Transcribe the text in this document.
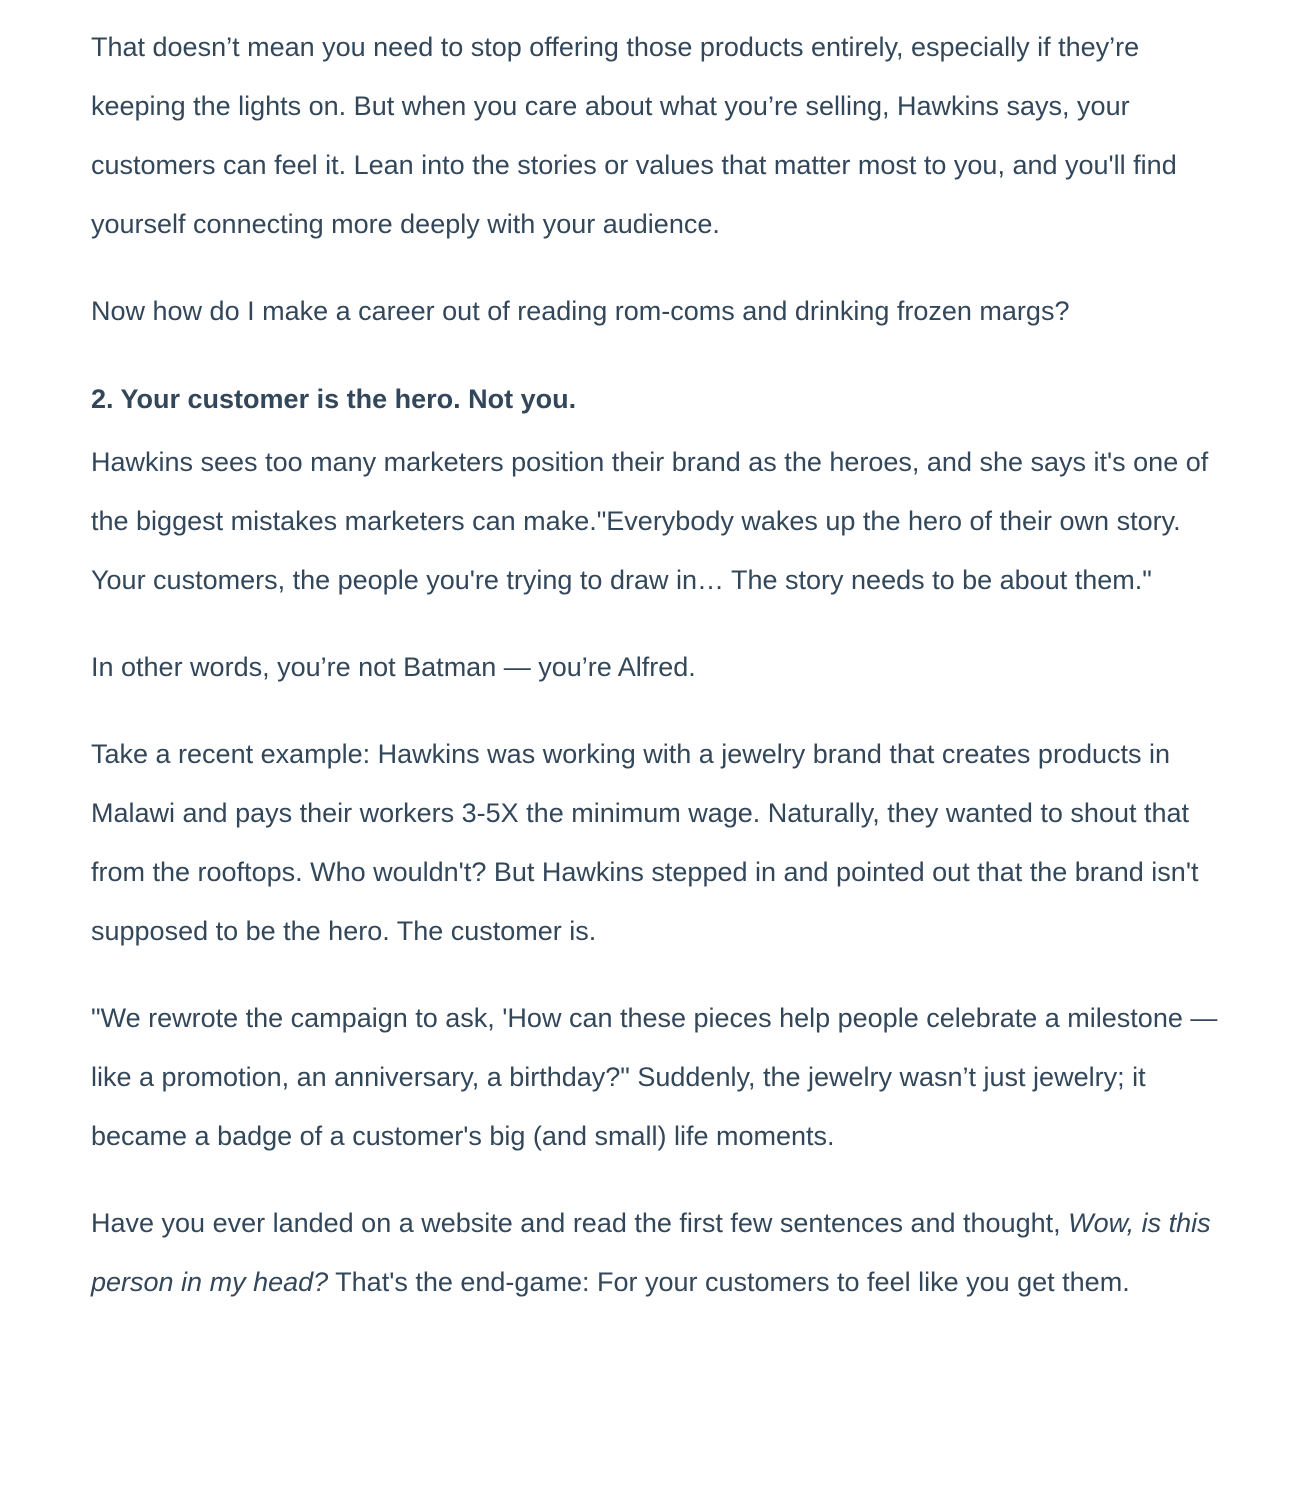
That doesn’t mean you need to stop offering those products entirely, especially if they’re keeping the lights on. But when you care about what you’re selling, Hawkins says, your customers can feel it. Lean into the stories or values that matter most to you, and you'll find yourself connecting more deeply with your audience.

Now how do I make a career out of reading rom-coms and drinking frozen margs?

2. Your customer is the hero. Not you.

Hawkins sees too many marketers position their brand as the heroes, and she says it's one of the biggest mistakes marketers can make."Everybody wakes up the hero of their own story. Your customers, the people you're trying to draw in… The story needs to be about them."

In other words, you’re not Batman — you’re Alfred.

Take a recent example: Hawkins was working with a jewelry brand that creates products in Malawi and pays their workers 3-5X the minimum wage. Naturally, they wanted to shout that from the rooftops. Who wouldn't? But Hawkins stepped in and pointed out that the brand isn't supposed to be the hero. The customer is.

"We rewrote the campaign to ask, 'How can these pieces help people celebrate a milestone — like a promotion, an anniversary, a birthday?" Suddenly, the jewelry wasn’t just jewelry; it became a badge of a customer's big (and small) life moments.

Have you ever landed on a website and read the first few sentences and thought, Wow, is this person in my head? That's the end-game: For your customers to feel like you get them.
